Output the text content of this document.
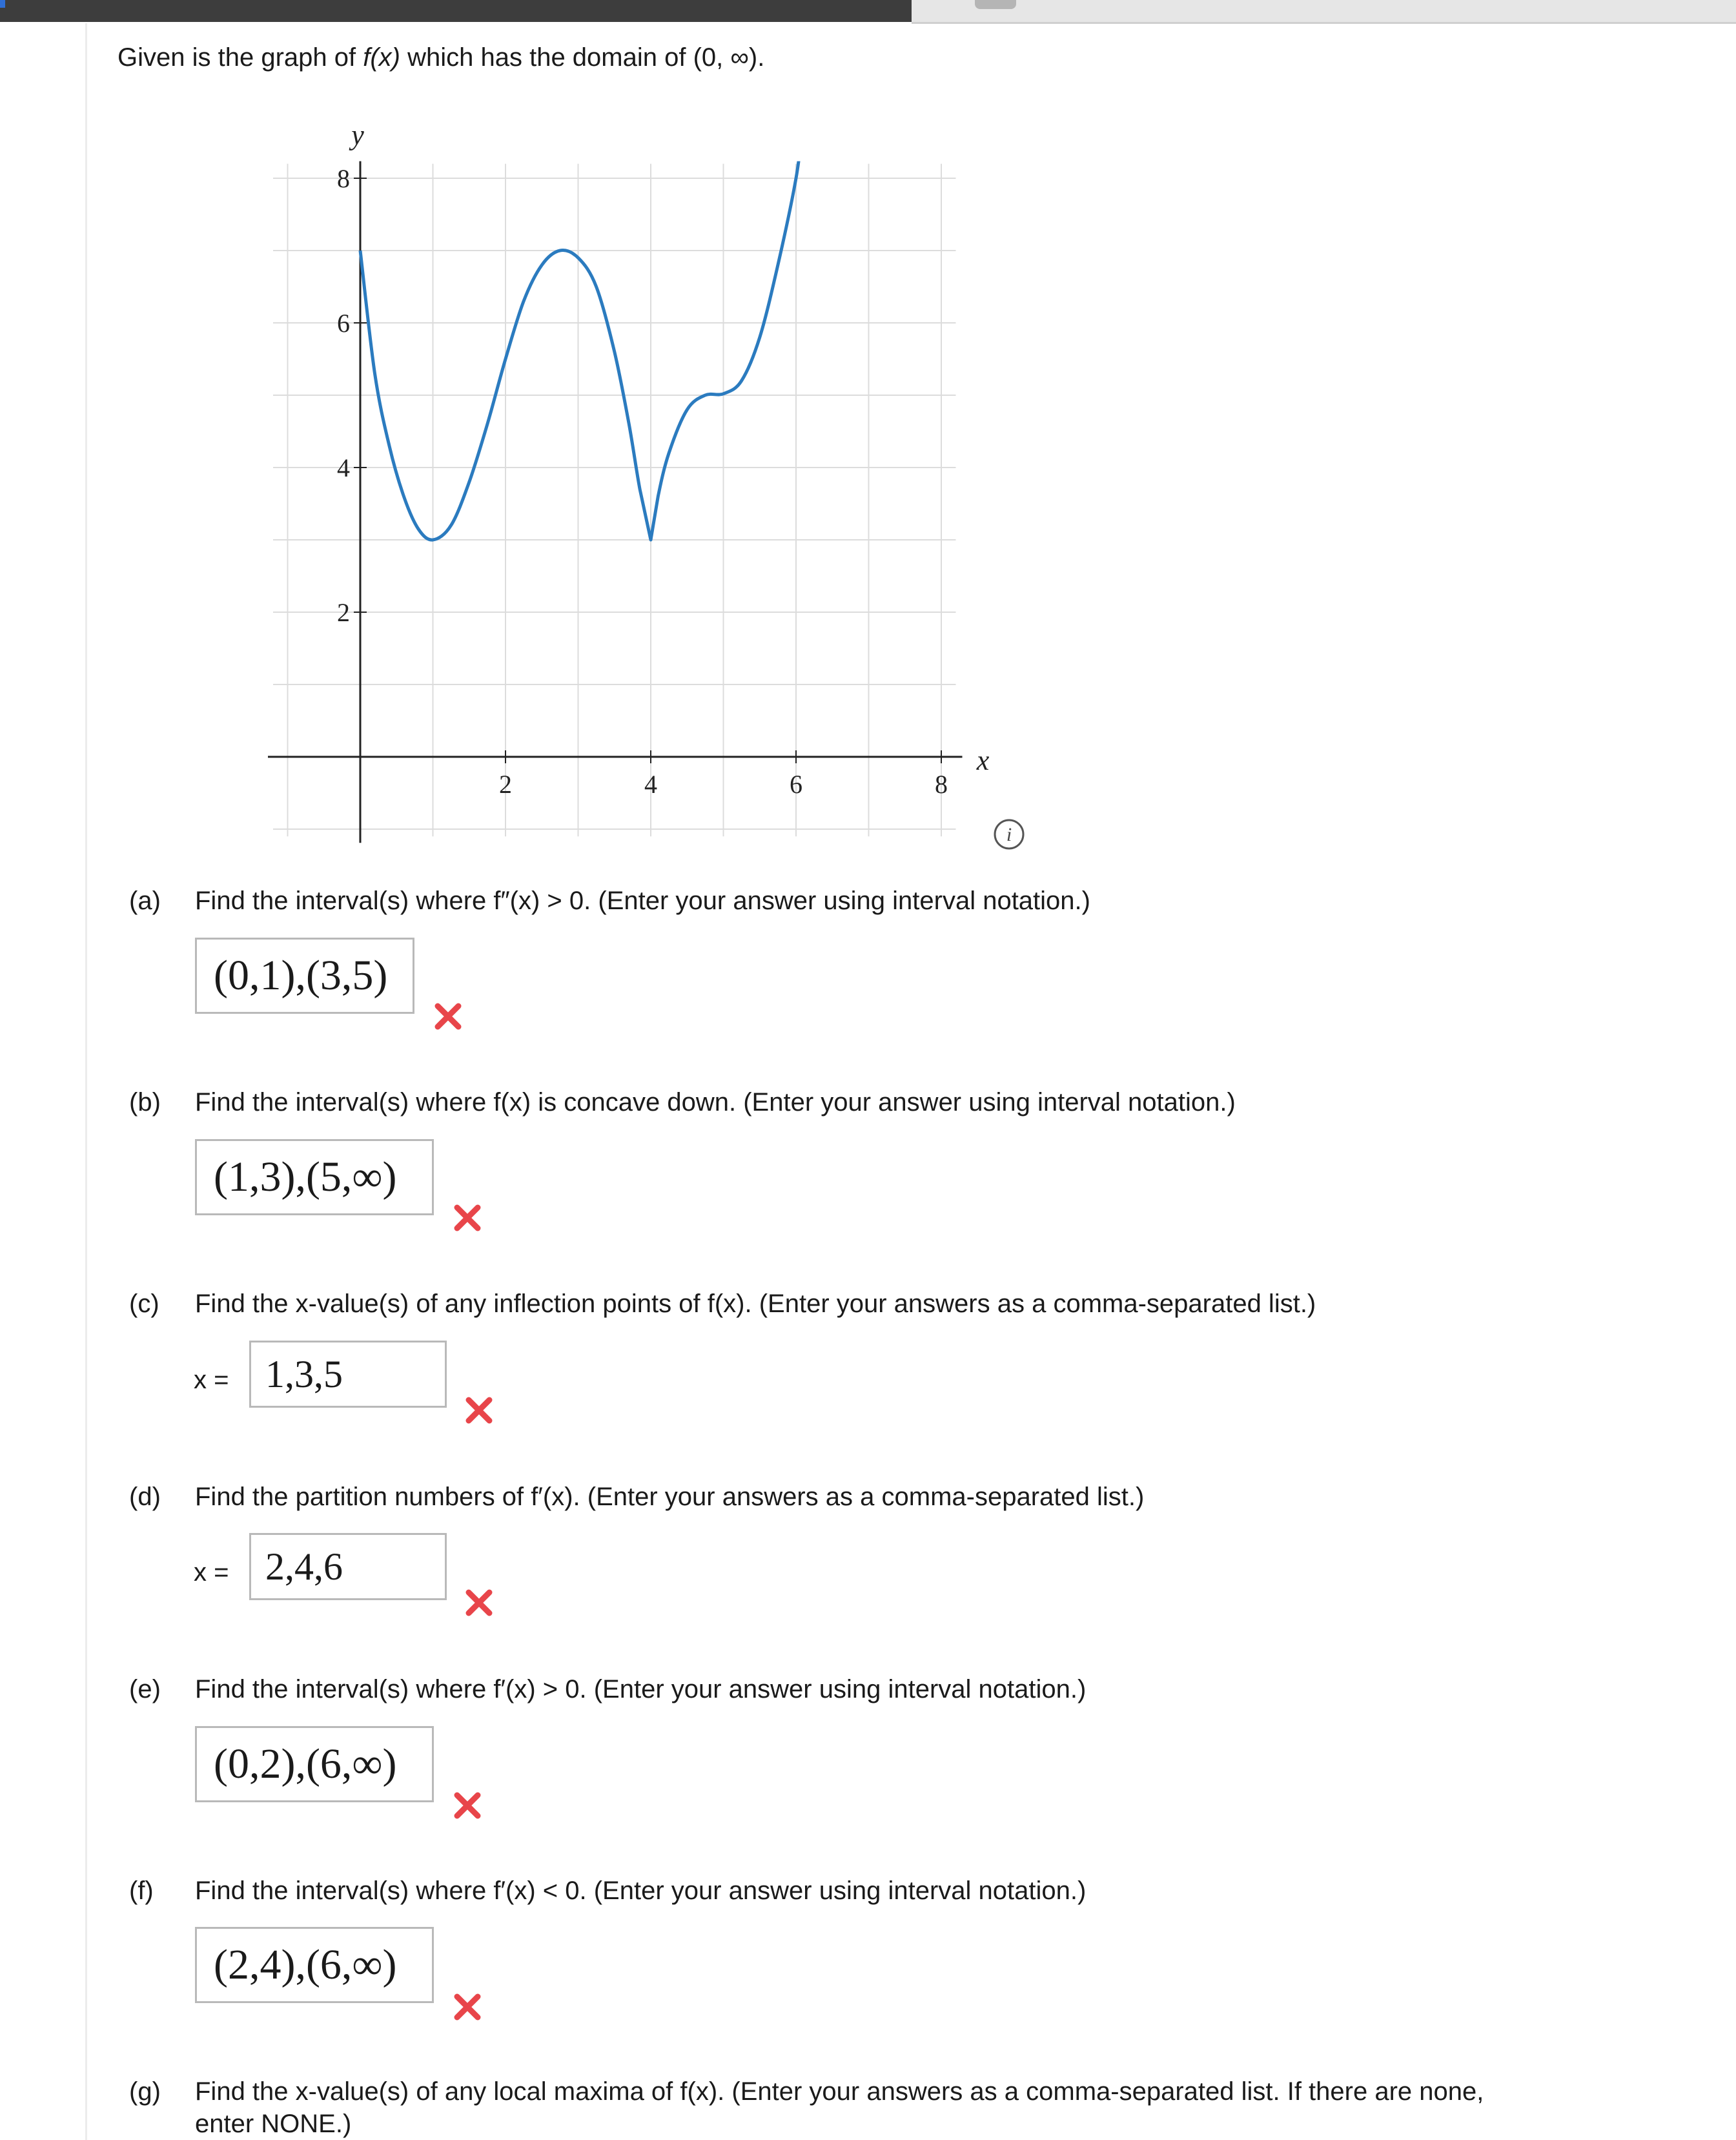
Given is the graph of f(x) which has the domain of (0, ∞).
2	4	6	8
2
4
6
8
y
x
i
(a) Find the interval(s) where f″(x) > 0. (Enter your answer using interval notation.)
(0,1),(3,5)
(b) Find the interval(s) where f(x) is concave down. (Enter your answer using interval notation.)
(1,3),(5,∞)
(c) Find the x-value(s) of any inflection points of f(x). (Enter your answers as a comma-separated list.)
x = 1,3,5
(d) Find the partition numbers of f′(x). (Enter your answers as a comma-separated list.)
x = 2,4,6
(e) Find the interval(s) where f′(x) > 0. (Enter your answer using interval notation.)
(0,2),(6,∞)
(f) Find the interval(s) where f′(x) < 0. (Enter your answer using interval notation.)
(2,4),(6,∞)
(g) Find the x-value(s) of any local maxima of f(x). (Enter your answers as a comma-separated list. If there are none,
enter NONE.)
